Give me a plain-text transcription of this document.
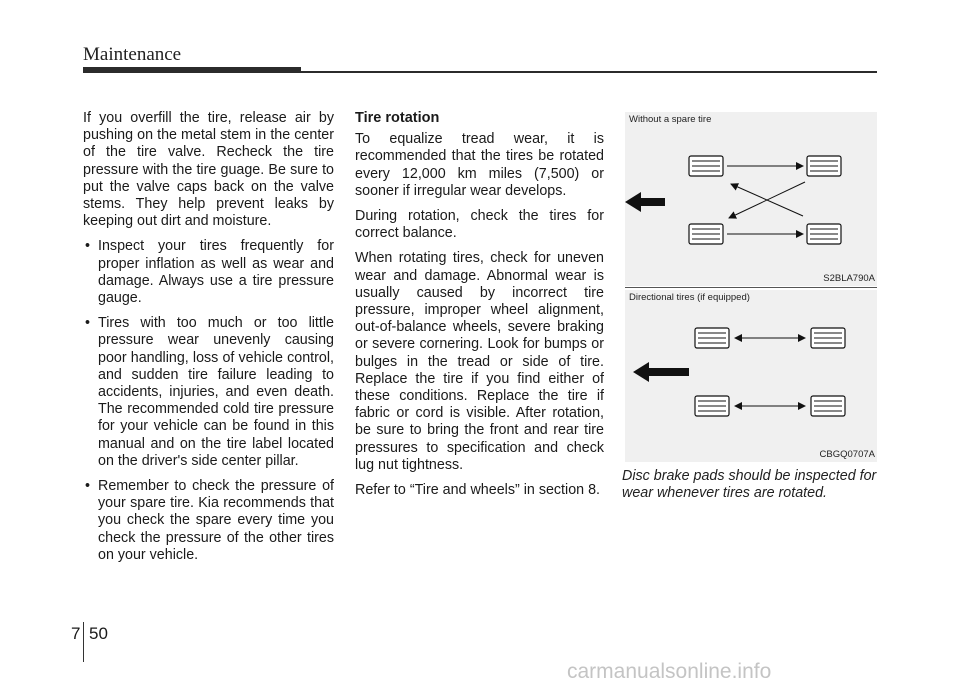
Maintenance

If you overfill the tire, release air by pushing on the metal stem in the center of the tire valve. Recheck the tire pressure with the tire guage. Be sure to put the valve caps back on the valve stems. They help prevent leaks by keeping out dirt and moisture.

• Inspect your tires frequently for proper inflation as well as wear and damage. Always use a tire pressure gauge.
• Tires with too much or too little pressure wear unevenly causing poor handling, loss of vehicle control, and sudden tire failure leading to accidents, injuries, and even death. The recommended cold tire pressure for your vehicle can be found in this manual and on the tire label located on the driver's side center pillar.
• Remember to check the pressure of your spare tire. Kia recommends that you check the spare every time you check the pressure of the other tires on your vehicle.
Tire rotation

To equalize tread wear, it is recommended that the tires be rotated every 12,000 km miles (7,500) or sooner if irregular wear develops.

During rotation, check the tires for correct balance.

When rotating tires, check for uneven wear and damage. Abnormal wear is usually caused by incorrect tire pressure, improper wheel alignment, out-of-balance wheels, severe braking or severe cornering. Look for bumps or bulges in the tread or side of tire. Replace the tire if you find either of these conditions. Replace the tire if fabric or cord is visible. After rotation, be sure to bring the front and rear tire pressures to specification and check lug nut tightness.

Refer to “Tire and wheels” in section 8.

Without a spare tire
S2BLA790A
Directional tires (if equipped)
CBGQ0707A
Disc brake pads should be inspected for wear whenever tires are rotated.
7 50
carmanualsonline.info
